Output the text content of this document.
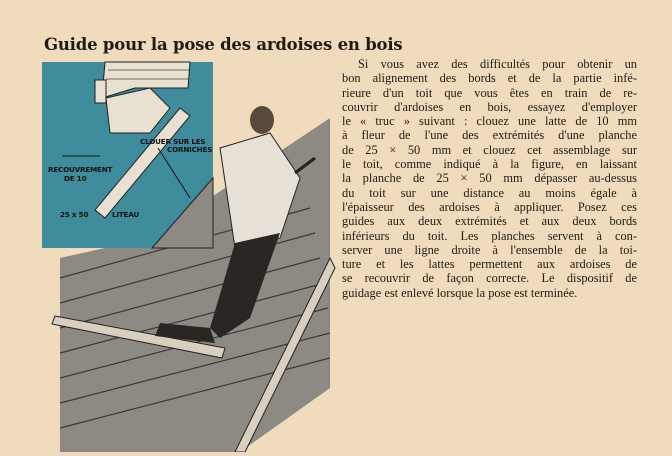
Guide pour la pose des ardoises en bois
Si vous avez des difficultés pour obtenir un
bon alignement des bords et de la partie infé-
rieure d'un toit que vous êtes en train de re-
couvrir d'ardoises en bois, essayez d'employer
le « truc » suivant : clouez une latte de 10 mm
à fleur de l'une des extrémités d'une planche
de 25 × 50 mm et clouez cet assemblage sur
le toit, comme indiqué à la figure, en laissant
la planche de 25 × 50 mm dépasser au-dessus
du toit sur une distance au moins égale à
l'épaisseur des ardoises à appliquer. Posez ces
guides aux deux extrémités et aux deux bords
inférieurs du toit. Les planches servent à con-
server une ligne droite à l'ensemble de la toi-
ture et les lattes permettent aux ardoises de
se recouvrir de façon correcte. Le dispositif de
guidage est enlevé lorsque la pose est terminée.
CLOUER SUR LES
CORNICHES
RECOUVREMENT
DE 10
25 x 50	LITEAU
